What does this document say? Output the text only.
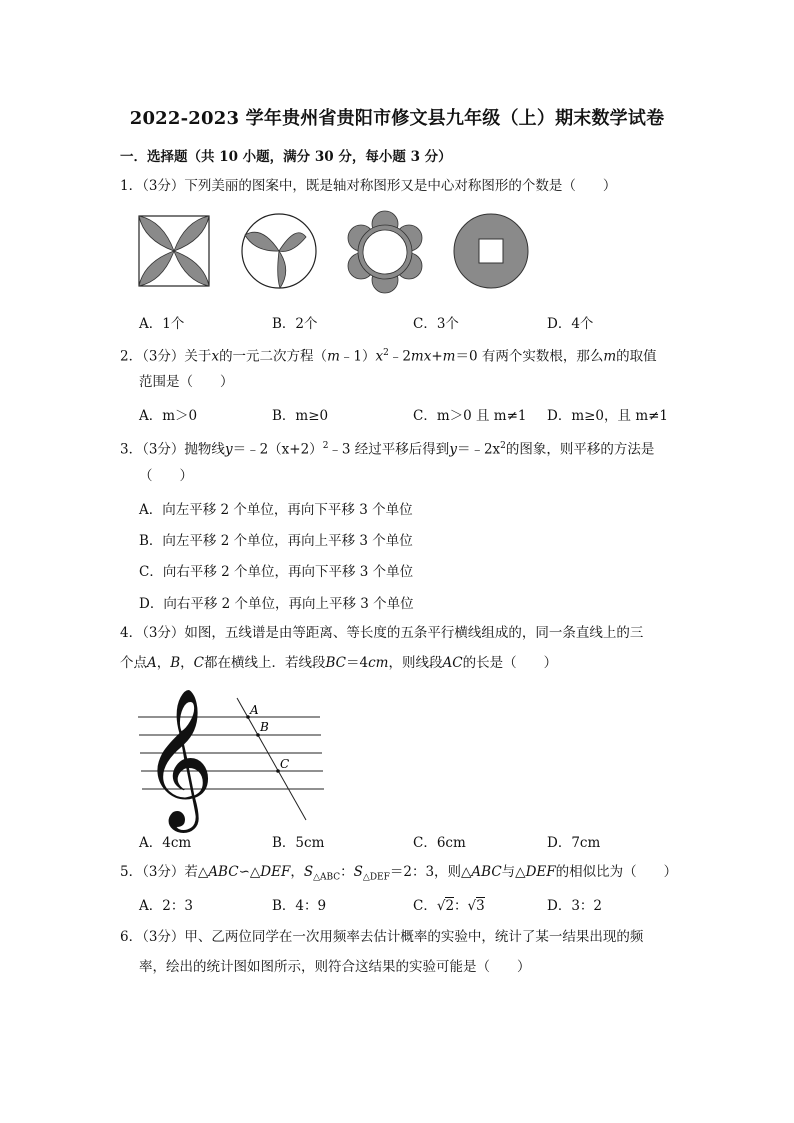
2022-2023 学年贵州省贵阳市修文县九年级（上）期末数学试卷
一．选择题（共 10 小题，满分 30 分，每小题 3 分）
1．（3分）下列美丽的图案中，既是轴对称图形又是中心对称图形的个数是（　　）
A．1个	B．2个	C．3个	D．4个
2．（3分）关于x的一元二次方程$(m﹣1)x^2﹣2mx+m=0$ 有两个实数根，那么m的取值
范围是（　　）
A．m＞0	B．m≥0	C．m＞0 且 m≠1 D．m≥0，且 m≠1
3．（3分）抛物线$y=﹣2(x+2)^2﹣3$ 经过平移后得到$y=﹣2x^2$的图象，则平移的方法是
（　　）
A．向左平移 2 个单位，再向下平移 3 个单位
B．向左平移 2 个单位，再向上平移 3 个单位
C．向右平移 2 个单位，再向下平移 3 个单位
D．向右平移 2 个单位，再向上平移 3 个单位
4．（3分）如图，五线谱是由等距离、等长度的五条平行横线组成的，同一条直线上的三
个点A，B，C都在横线上．若线段BC＝4cm，则线段AC的长是（　　）
𝄞	A
B
C
A．4cm	B．5cm	C．6cm	D．7cm
5．（3分）若△ABC∽△DEF，$S_{\triangle ABC}$：$S_{\triangle DEF}=2$：3，则△ABC与△DEF的相似比为（　　）
A．2：3	B．4：9	C．√2：√3	D．3：2
6．（3分）甲、乙两位同学在一次用频率去估计概率的实验中，统计了某一结果出现的频
率，绘出的统计图如图所示，则符合这结果的实验可能是（　　）
